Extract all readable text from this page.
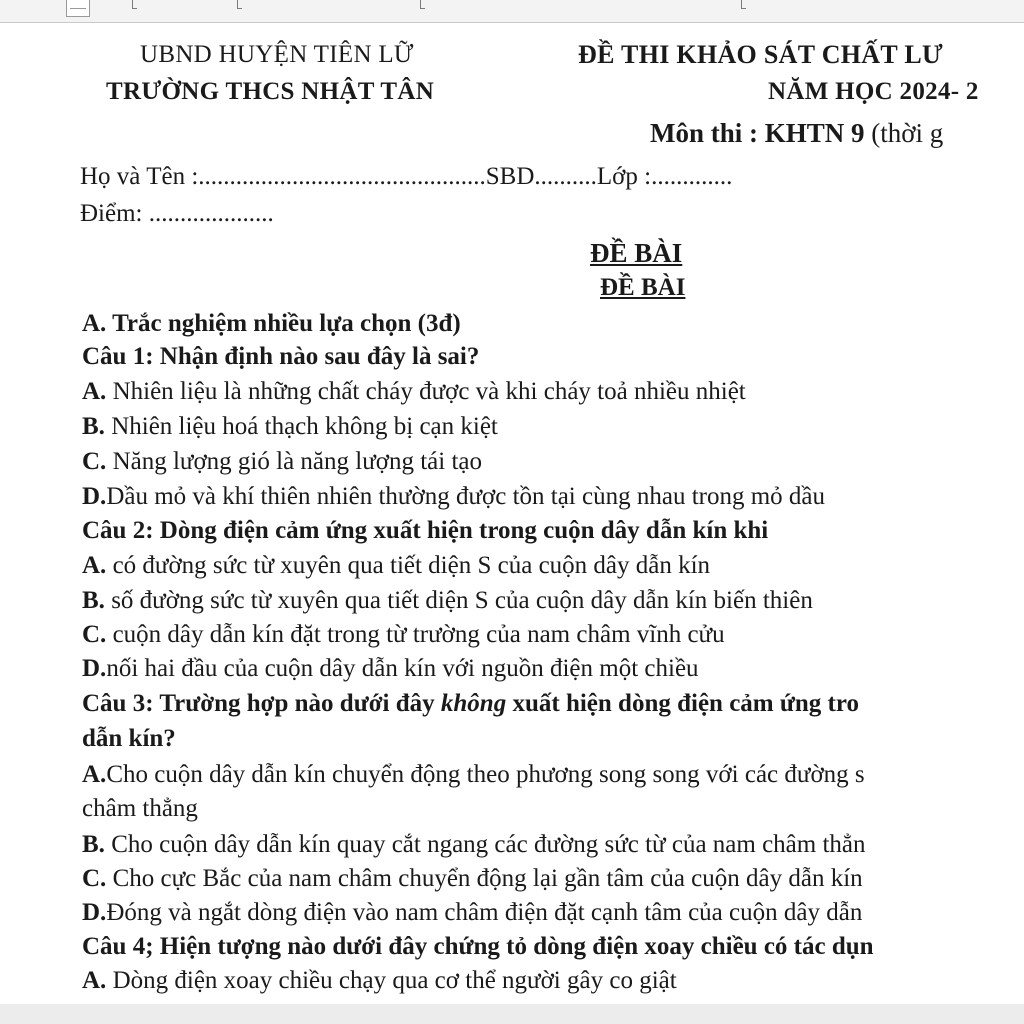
UBND HUYỆN TIÊN LỮ
TRƯỜNG THCS NHẬT TÂN
ĐỀ THI KHẢO SÁT CHẤT LƯ
NĂM HỌC 2024- 2
Môn thi : KHTN 9 (thời g
Họ và Tên :..............................................SBD..........Lớp :.............
Điểm: ....................
ĐỀ BÀI
ĐỀ BÀI
A. Trắc nghiệm nhiều lựa chọn (3đ)
Câu 1: Nhận định nào sau đây là sai?
A. Nhiên liệu là những chất cháy được và khi cháy toả nhiều nhiệt
B. Nhiên liệu hoá thạch không bị cạn kiệt
C. Năng lượng gió là năng lượng tái tạo
D.Dầu mỏ và khí thiên nhiên thường được tồn tại cùng nhau trong mỏ dầu
Câu 2: Dòng điện cảm ứng xuất hiện trong cuộn dây dẫn kín khi
A. có đường sức từ xuyên qua tiết diện S của cuộn dây dẫn kín
B. số đường sức từ xuyên qua tiết diện S của cuộn dây dẫn kín biến thiên
C. cuộn dây dẫn kín đặt trong từ trường của nam châm vĩnh cửu
D.nối hai đầu của cuộn dây dẫn kín với nguồn điện một chiều
Câu 3: Trường hợp nào dưới đây không xuất hiện dòng điện cảm ứng tro
dẫn kín?
A.Cho cuộn dây dẫn kín chuyển động theo phương song song với các đường s
châm thẳng
B. Cho cuộn dây dẫn kín quay cắt ngang các đường sức từ của nam châm thẳn
C. Cho cực Bắc của nam châm chuyển động lại gần tâm của cuộn dây dẫn kín
D.Đóng và ngắt dòng điện vào nam châm điện đặt cạnh tâm của cuộn dây dẫn
Câu 4; Hiện tượng nào dưới đây chứng tỏ dòng điện xoay chiều có tác dụn
A. Dòng điện xoay chiều chạy qua cơ thể người gây co giật
